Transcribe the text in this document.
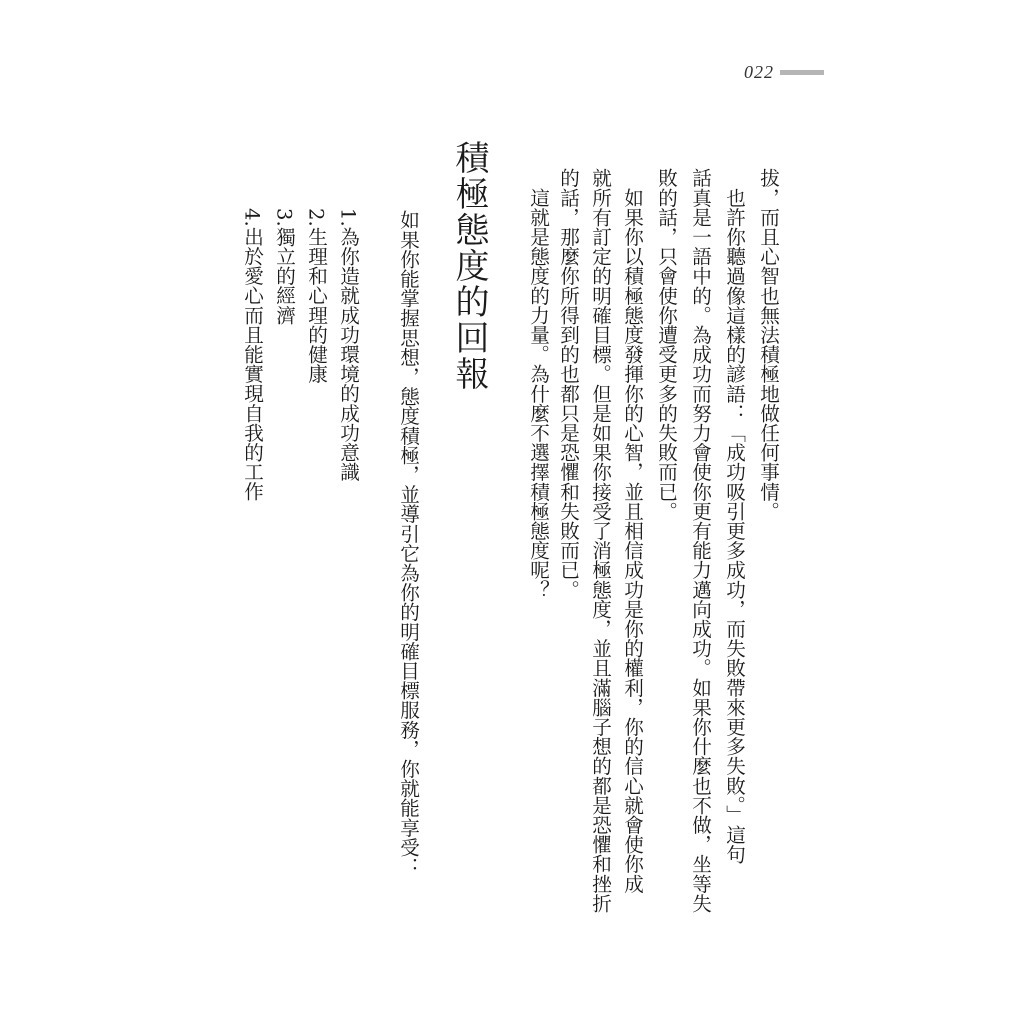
022
拔，而且心智也無法積極地做任何事情。
　也許你聽過像這樣的諺語：「成功吸引更多成功，而失敗帶來更多失敗。」這句
話真是一語中的。為成功而努力會使你更有能力邁向成功。如果你什麼也不做，坐等失
敗的話，只會使你遭受更多的失敗而已。
　如果你以積極態度發揮你的心智，並且相信成功是你的權利，你的信心就會使你成
就所有訂定的明確目標。但是如果你接受了消極態度，並且滿腦子想的都是恐懼和挫折
的話，那麼你所得到的也都只是恐懼和失敗而已。
　這就是態度的力量。為什麼不選擇積極態度呢？
積極態度的回報
如果你能掌握思想，態度積極，並導引它為你的明確目標服務，你就能享受：
1.為你造就成功環境的成功意識
2.生理和心理的健康
3.獨立的經濟
4.出於愛心而且能實現自我的工作
